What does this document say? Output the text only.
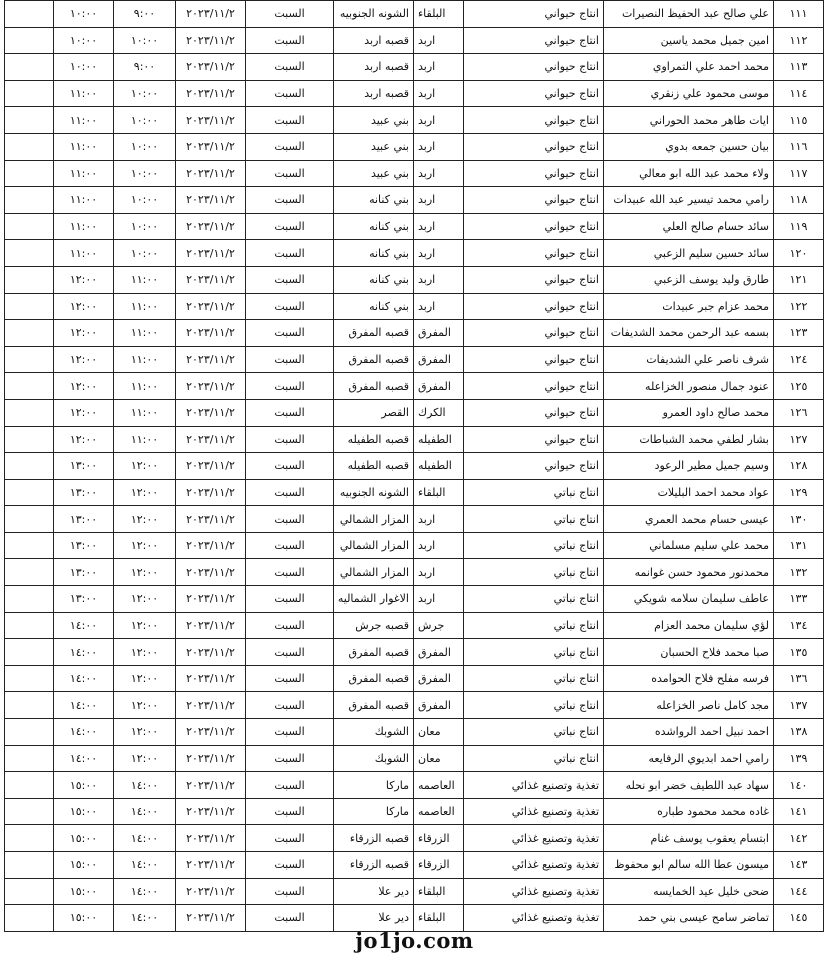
١١١	علي صالح عبد الحفيظ النصيرات	انتاج حيواني	البلقاء	الشونه الجنوبيه	السبت	٢٠٢٣/١١/٢	٩:٠٠	١٠:٠٠	
١١٢	امين جميل محمد ياسين	انتاج حيواني	اربد	قصبه اربد	السبت	٢٠٢٣/١١/٢	١٠:٠٠	١٠:٠٠	
١١٣	محمد احمد علي التمراوي	انتاج حيواني	اربد	قصبه اربد	السبت	٢٠٢٣/١١/٢	٩:٠٠	١٠:٠٠	
١١٤	موسى محمود علي زنقري	انتاج حيواني	اربد	قصبه اربد	السبت	٢٠٢٣/١١/٢	١٠:٠٠	١١:٠٠	
١١٥	ايات طاهر محمد الحوراني	انتاج حيواني	اربد	بني عبيد	السبت	٢٠٢٣/١١/٢	١٠:٠٠	١١:٠٠	
١١٦	بيان حسين جمعه بدوي	انتاج حيواني	اربد	بني عبيد	السبت	٢٠٢٣/١١/٢	١٠:٠٠	١١:٠٠	
١١٧	ولاء محمد عبد الله ابو معالي	انتاج حيواني	اربد	بني عبيد	السبت	٢٠٢٣/١١/٢	١٠:٠٠	١١:٠٠	
١١٨	رامي محمد تيسير عبد الله عبيدات	انتاج حيواني	اربد	بني كنانه	السبت	٢٠٢٣/١١/٢	١٠:٠٠	١١:٠٠	
١١٩	سائد حسام صالح العلي	انتاج حيواني	اربد	بني كنانه	السبت	٢٠٢٣/١١/٢	١٠:٠٠	١١:٠٠	
١٢٠	سائد حسين سليم الزعبي	انتاج حيواني	اربد	بني كنانه	السبت	٢٠٢٣/١١/٢	١٠:٠٠	١١:٠٠	
١٢١	طارق وليد يوسف الزعبي	انتاج حيواني	اربد	بني كنانه	السبت	٢٠٢٣/١١/٢	١١:٠٠	١٢:٠٠	
١٢٢	محمد عزام جبر عبيدات	انتاج حيواني	اربد	بني كنانه	السبت	٢٠٢٣/١١/٢	١١:٠٠	١٢:٠٠	
١٢٣	بسمه عبد الرحمن محمد الشديفات	انتاج حيواني	المفرق	قصبه المفرق	السبت	٢٠٢٣/١١/٢	١١:٠٠	١٢:٠٠	
١٢٤	شرف ناصر علي الشديفات	انتاج حيواني	المفرق	قصبه المفرق	السبت	٢٠٢٣/١١/٢	١١:٠٠	١٢:٠٠	
١٢٥	عنود جمال منصور الخزاعله	انتاج حيواني	المفرق	قصبه المفرق	السبت	٢٠٢٣/١١/٢	١١:٠٠	١٢:٠٠	
١٢٦	محمد صالح داود العمرو	انتاج حيواني	الكرك	القصر	السبت	٢٠٢٣/١١/٢	١١:٠٠	١٢:٠٠	
١٢٧	بشار لطفي محمد الشباطات	انتاج حيواني	الطفيله	قصبه الطفيله	السبت	٢٠٢٣/١١/٢	١١:٠٠	١٢:٠٠	
١٢٨	وسيم جميل مطير الرعود	انتاج حيواني	الطفيله	قصبه الطفيله	السبت	٢٠٢٣/١١/٢	١٢:٠٠	١٣:٠٠	
١٢٩	عواد محمد احمد البليلات	انتاج نباتي	البلقاء	الشونه الجنوبيه	السبت	٢٠٢٣/١١/٢	١٢:٠٠	١٣:٠٠	
١٣٠	عيسى حسام محمد العمري	انتاج نباتي	اربد	المزار الشمالي	السبت	٢٠٢٣/١١/٢	١٢:٠٠	١٣:٠٠	
١٣١	محمد علي سليم مسلماني	انتاج نباتي	اربد	المزار الشمالي	السبت	٢٠٢٣/١١/٢	١٢:٠٠	١٣:٠٠	
١٣٢	محمدنور محمود حسن غوانمه	انتاج نباتي	اربد	المزار الشمالي	السبت	٢٠٢٣/١١/٢	١٢:٠٠	١٣:٠٠	
١٣٣	عاطف سليمان سلامه شويكي	انتاج نباتي	اربد	الاغوار الشماليه	السبت	٢٠٢٣/١١/٢	١٢:٠٠	١٣:٠٠	
١٣٤	لؤي سليمان محمد العزام	انتاج نباتي	جرش	قصبه جرش	السبت	٢٠٢٣/١١/٢	١٢:٠٠	١٤:٠٠	
١٣٥	صبا محمد فلاح الحسبان	انتاج نباتي	المفرق	قصبه المفرق	السبت	٢٠٢٣/١١/٢	١٢:٠٠	١٤:٠٠	
١٣٦	فرسه مفلح فلاح الحوامده	انتاج نباتي	المفرق	قصبه المفرق	السبت	٢٠٢٣/١١/٢	١٢:٠٠	١٤:٠٠	
١٣٧	مجد كامل ناصر الخزاعله	انتاج نباتي	المفرق	قصبه المفرق	السبت	٢٠٢٣/١١/٢	١٢:٠٠	١٤:٠٠	
١٣٨	احمد نبيل احمد الرواشده	انتاج نباتي	معان	الشوبك	السبت	٢٠٢٣/١١/٢	١٢:٠٠	١٤:٠٠	
١٣٩	رامي احمد ابديوي الرفايعه	انتاج نباتي	معان	الشوبك	السبت	٢٠٢٣/١١/٢	١٢:٠٠	١٤:٠٠	
١٤٠	سهاد عبد اللطيف خضر ابو نحله	تغذية وتصنيع غذائي	العاصمه	ماركا	السبت	٢٠٢٣/١١/٢	١٤:٠٠	١٥:٠٠	
١٤١	غاده محمد محمود طباره	تغذية وتصنيع غذائي	العاصمه	ماركا	السبت	٢٠٢٣/١١/٢	١٤:٠٠	١٥:٠٠	
١٤٢	ابتسام يعقوب يوسف غنام	تغذية وتصنيع غذائي	الزرقاء	قصبه الزرقاء	السبت	٢٠٢٣/١١/٢	١٤:٠٠	١٥:٠٠	
١٤٣	ميسون عطا الله سالم ابو محفوظ	تغذية وتصنيع غذائي	الزرقاء	قصبه الزرقاء	السبت	٢٠٢٣/١١/٢	١٤:٠٠	١٥:٠٠	
١٤٤	ضحى خليل عيد الخمايسه	تغذية وتصنيع غذائي	البلقاء	دير علا	السبت	٢٠٢٣/١١/٢	١٤:٠٠	١٥:٠٠	
١٤٥	تماضر سامح عيسى بني حمد	تغذية وتصنيع غذائي	البلقاء	دير علا	السبت	٢٠٢٣/١١/٢	١٤:٠٠	١٥:٠٠	
jo1jo.com
